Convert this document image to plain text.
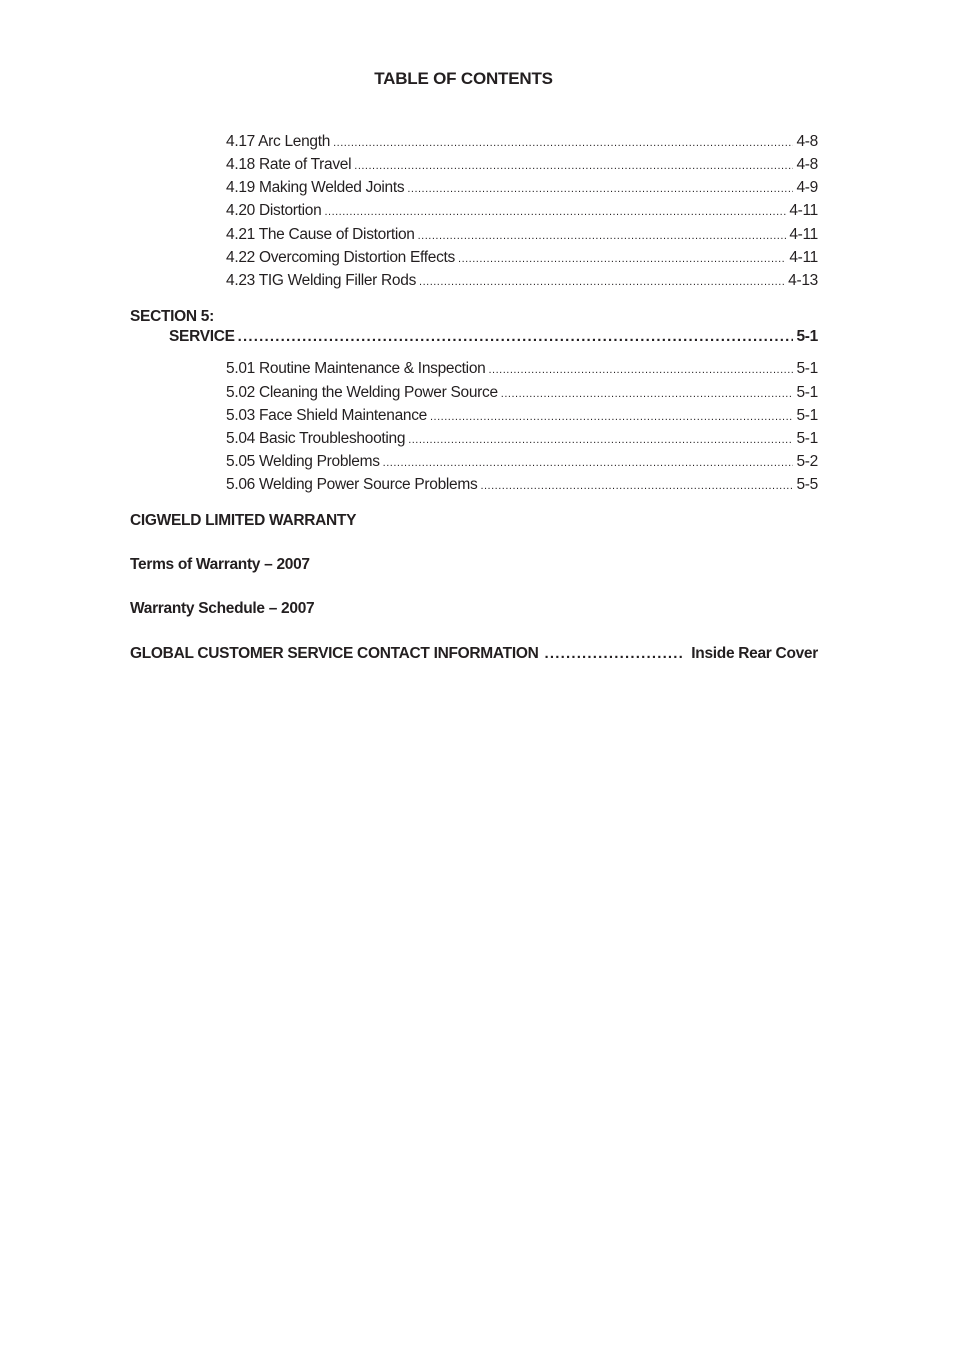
TABLE OF CONTENTS
4.17 Arc Length .....	4-8
4.18 Rate of Travel .....	4-8
4.19 Making Welded Joints .....	4-9
4.20 Distortion .....	4-11
4.21 The Cause of Distortion .....	4-11
4.22 Overcoming Distortion Effects .....	4-11
4.23 TIG Welding Filler Rods .....	4-13
SECTION 5:
SERVICE .....	5-1
5.01 Routine Maintenance & Inspection .....	5-1
5.02 Cleaning the Welding Power Source .....	5-1
5.03 Face Shield Maintenance .....	5-1
5.04 Basic Troubleshooting .....	5-1
5.05 Welding Problems .....	5-2
5.06 Welding Power Source Problems .....	5-5
CIGWELD LIMITED WARRANTY
Terms of Warranty – 2007
Warranty Schedule – 2007
GLOBAL CUSTOMER SERVICE CONTACT INFORMATION .....	Inside Rear Cover
